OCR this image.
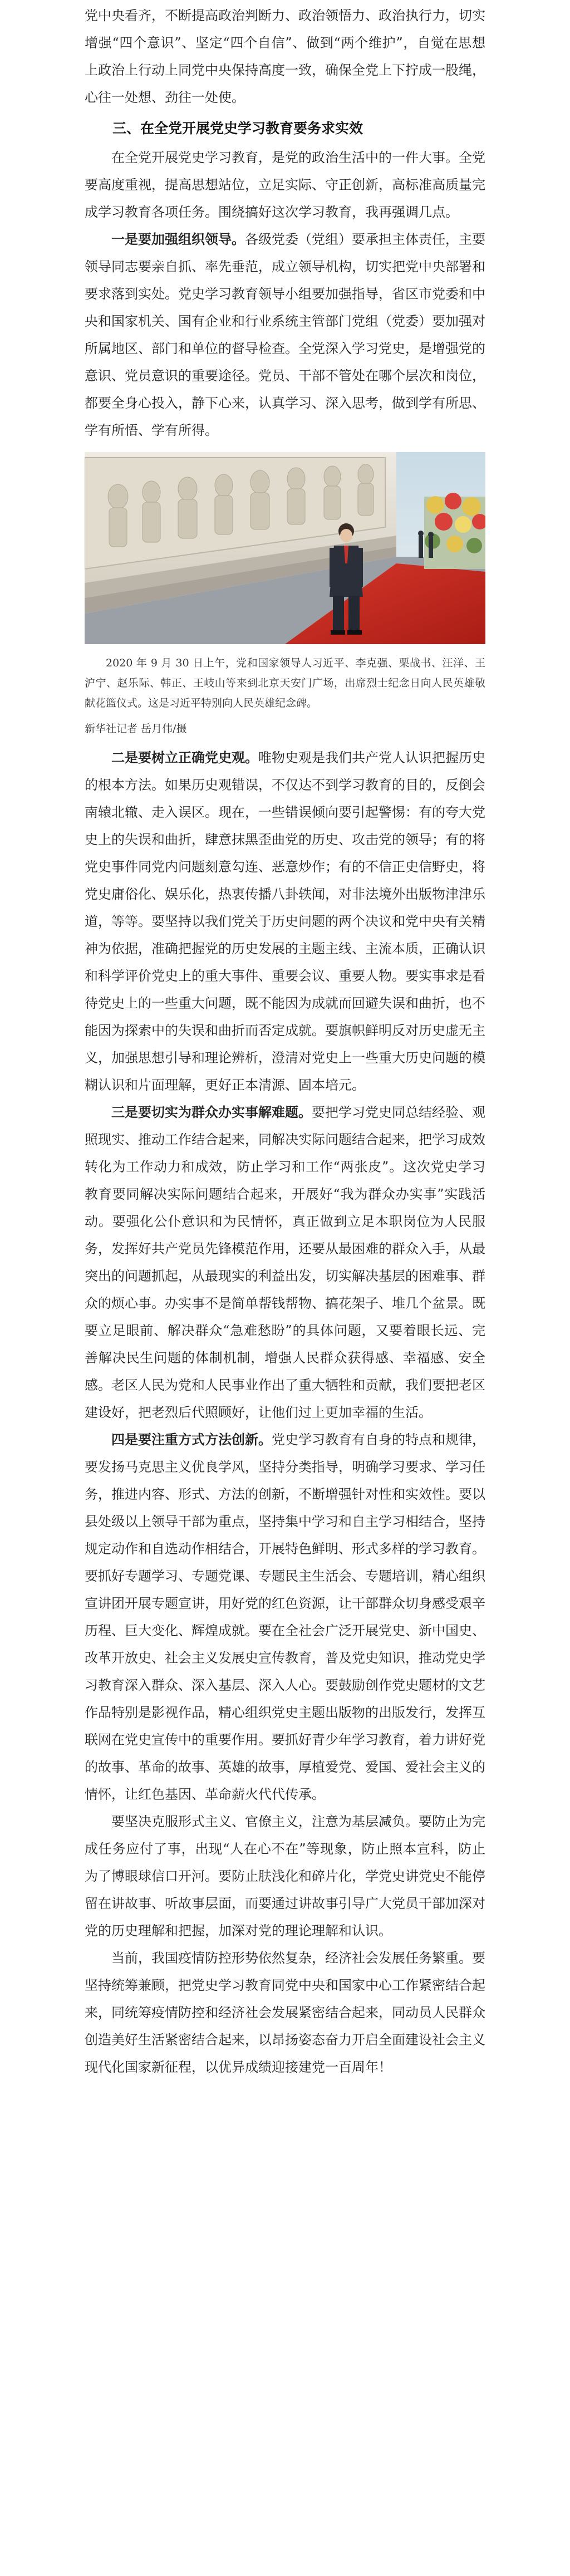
党中央看齐，不断提高政治判断力、政治领悟力、政治执行力，切实增强“四个意识”、坚定“四个自信”、做到“两个维护”，自觉在思想上政治上行动上同党中央保持高度一致，确保全党上下拧成一股绳，心往一处想、劲往一处使。

三、在全党开展党史学习教育要务求实效

在全党开展党史学习教育，是党的政治生活中的一件大事。全党要高度重视，提高思想站位，立足实际、守正创新，高标准高质量完成学习教育各项任务。围绕搞好这次学习教育，我再强调几点。

一是要加强组织领导。各级党委（党组）要承担主体责任，主要领导同志要亲自抓、率先垂范，成立领导机构，切实把党中央部署和要求落到实处。党史学习教育领导小组要加强指导，省区市党委和中央和国家机关、国有企业和行业系统主管部门党组（党委）要加强对所属地区、部门和单位的督导检查。全党深入学习党史，是增强党的意识、党员意识的重要途径。党员、干部不管处在哪个层次和岗位，都要全身心投入，静下心来，认真学习、深入思考，做到学有所思、学有所悟、学有所得。

2020 年 9 月 30 日上午，党和国家领导人习近平、李克强、栗战书、汪洋、王沪宁、赵乐际、韩正、王岐山等来到北京天安门广场，出席烈士纪念日向人民英雄敬献花篮仪式。这是习近平特别向人民英雄纪念碑。

新华社记者 岳月伟/摄

二是要树立正确党史观。唯物史观是我们共产党人认识把握历史的根本方法。如果历史观错误，不仅达不到学习教育的目的，反倒会南辕北辙、走入误区。现在，一些错误倾向要引起警惕：有的夸大党史上的失误和曲折，肆意抹黑歪曲党的历史、攻击党的领导；有的将党史事件同党内问题刻意勾连、恶意炒作；有的不信正史信野史，将党史庸俗化、娱乐化，热衷传播八卦轶闻，对非法境外出版物津津乐道，等等。要坚持以我们党关于历史问题的两个决议和党中央有关精神为依据，准确把握党的历史发展的主题主线、主流本质，正确认识和科学评价党史上的重大事件、重要会议、重要人物。要实事求是看待党史上的一些重大问题，既不能因为成就而回避失误和曲折，也不能因为探索中的失误和曲折而否定成就。要旗帜鲜明反对历史虚无主义，加强思想引导和理论辨析，澄清对党史上一些重大历史问题的模糊认识和片面理解，更好正本清源、固本培元。

三是要切实为群众办实事解难题。要把学习党史同总结经验、观照现实、推动工作结合起来，同解决实际问题结合起来，把学习成效转化为工作动力和成效，防止学习和工作“两张皮”。这次党史学习教育要同解决实际问题结合起来，开展好“我为群众办实事”实践活动。要强化公仆意识和为民情怀，真正做到立足本职岗位为人民服务，发挥好共产党员先锋模范作用，还要从最困难的群众入手，从最突出的问题抓起，从最现实的利益出发，切实解决基层的困难事、群众的烦心事。办实事不是简单帮钱帮物、搞花架子、堆几个盆景。既要立足眼前、解决群众“急难愁盼”的具体问题，又要着眼长远、完善解决民生问题的体制机制，增强人民群众获得感、幸福感、安全感。老区人民为党和人民事业作出了重大牺牲和贡献，我们要把老区建设好，把老烈后代照顾好，让他们过上更加幸福的生活。

四是要注重方式方法创新。党史学习教育有自身的特点和规律，要发扬马克思主义优良学风，坚持分类指导，明确学习要求、学习任务，推进内容、形式、方法的创新，不断增强针对性和实效性。要以县处级以上领导干部为重点，坚持集中学习和自主学习相结合，坚持规定动作和自选动作相结合，开展特色鲜明、形式多样的学习教育。要抓好专题学习、专题党课、专题民主生活会、专题培训，精心组织宣讲团开展专题宣讲，用好党的红色资源，让干部群众切身感受艰辛历程、巨大变化、辉煌成就。要在全社会广泛开展党史、新中国史、改革开放史、社会主义发展史宣传教育，普及党史知识，推动党史学习教育深入群众、深入基层、深入人心。要鼓励创作党史题材的文艺作品特别是影视作品，精心组织党史主题出版物的出版发行，发挥互联网在党史宣传中的重要作用。要抓好青少年学习教育，着力讲好党的故事、革命的故事、英雄的故事，厚植爱党、爱国、爱社会主义的情怀，让红色基因、革命薪火代代传承。

要坚决克服形式主义、官僚主义，注意为基层减负。要防止为完成任务应付了事，出现“人在心不在”等现象，防止照本宣科，防止为了博眼球信口开河。要防止肤浅化和碎片化，学党史讲党史不能停留在讲故事、听故事层面，而要通过讲故事引导广大党员干部加深对党的历史理解和把握，加深对党的理论理解和认识。

当前，我国疫情防控形势依然复杂，经济社会发展任务繁重。要坚持统筹兼顾，把党史学习教育同党中央和国家中心工作紧密结合起来，同统筹疫情防控和经济社会发展紧密结合起来，同动员人民群众创造美好生活紧密结合起来，以昂扬姿态奋力开启全面建设社会主义现代化国家新征程，以优异成绩迎接建党一百周年！
